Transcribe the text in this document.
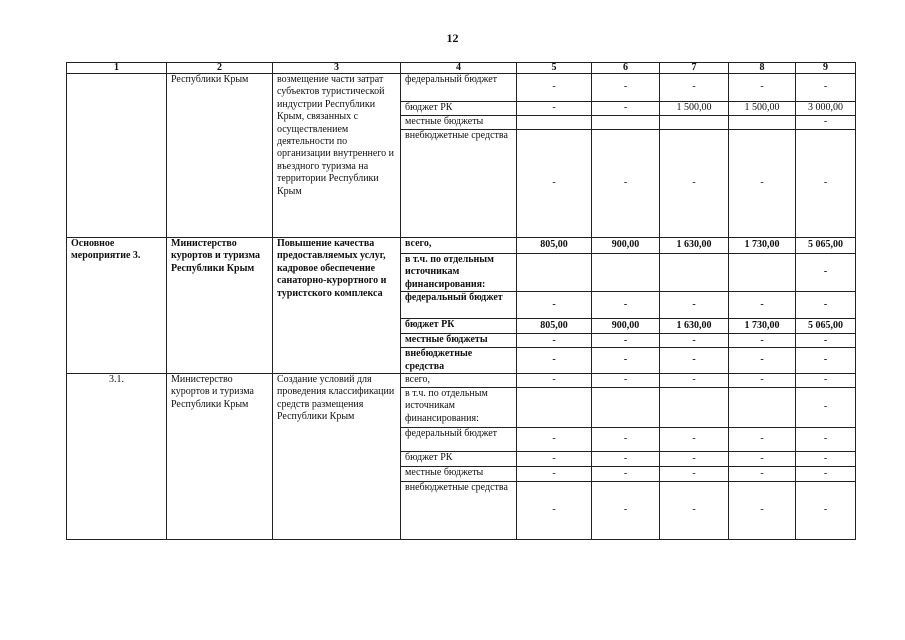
12
1	2	3	4	5	6	7	8	9
	Республики Крым	возмещение части затрат субъектов туристической индустрии Республики Крым, связанных с осуществлением деятельности по организации внутреннего и въездного туризма на территории Республики Крым	федеральный бюджет	-	-	-	-	-
			бюджет РК	-	-	1 500,00	1 500,00	3 000,00
			местные бюджеты					-
			внебюджетные средства	-	-	-	-	-
Основное мероприятие 3.	Министерство курортов и туризма Республики Крым	Повышение качества предоставляемых услуг, кадровое обеспечение санаторно-курортного и туристского комплекса	всего,	805,00	900,00	1 630,00	1 730,00	5 065,00
			в т.ч. по отдельным источникам финансирования:					-
			федеральный бюджет	-	-	-	-	-
			бюджет РК	805,00	900,00	1 630,00	1 730,00	5 065,00
			местные бюджеты	-	-	-	-	-
			внебюджетные средства	-	-	-	-	-
3.1.	Министерство курортов и туризма Республики Крым	Создание условий для проведения классификации средств размещения Республики Крым	всего,	-	-	-	-	-
			в т.ч. по отдельным источникам финансирования:					-
			федеральный бюджет	-	-	-	-	-
			бюджет РК	-	-	-	-	-
			местные бюджеты	-	-	-	-	-
			внебюджетные средства	-	-	-	-	-
